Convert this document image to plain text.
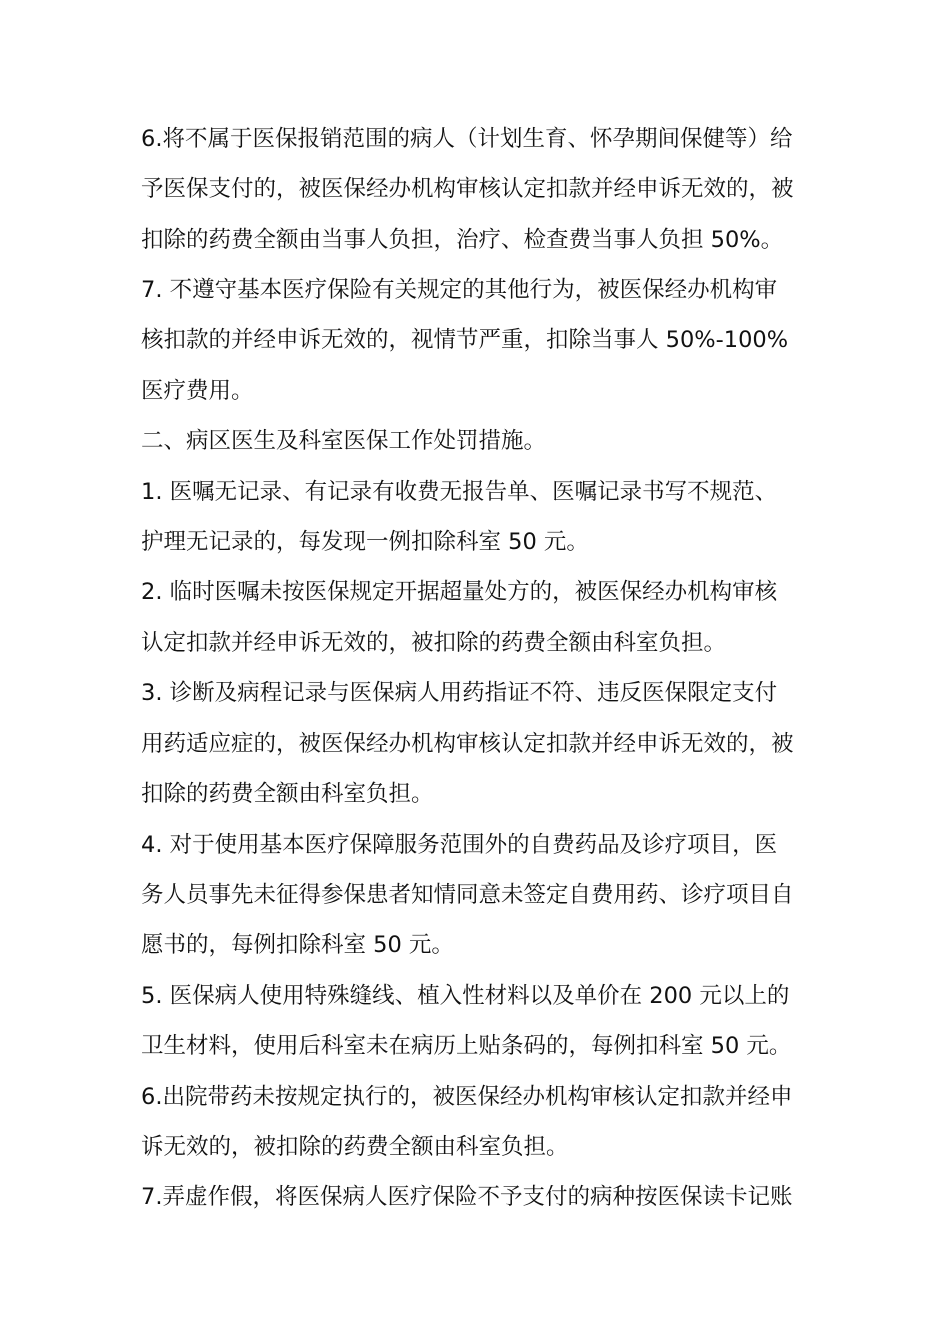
6.将不属于医保报销范围的病人（计划生育、怀孕期间保健等）给
予医保支付的，被医保经办机构审核认定扣款并经申诉无效的，被
扣除的药费全额由当事人负担，治疗、检查费当事人负担 50%。
7. 不遵守基本医疗保险有关规定的其他行为，被医保经办机构审
核扣款的并经申诉无效的，视情节严重，扣除当事人 50%-100%
医疗费用。
二、病区医生及科室医保工作处罚措施。
1. 医嘱无记录、有记录有收费无报告单、医嘱记录书写不规范、
护理无记录的，每发现一例扣除科室 50 元。
2. 临时医嘱未按医保规定开据超量处方的，被医保经办机构审核
认定扣款并经申诉无效的，被扣除的药费全额由科室负担。
3. 诊断及病程记录与医保病人用药指证不符、违反医保限定支付
用药适应症的，被医保经办机构审核认定扣款并经申诉无效的，被
扣除的药费全额由科室负担。
4. 对于使用基本医疗保障服务范围外的自费药品及诊疗项目，医
务人员事先未征得参保患者知情同意未签定自费用药、诊疗项目自
愿书的，每例扣除科室 50 元。
5. 医保病人使用特殊缝线、植入性材料以及单价在 200 元以上的
卫生材料，使用后科室未在病历上贴条码的，每例扣科室 50 元。
6.出院带药未按规定执行的，被医保经办机构审核认定扣款并经申
诉无效的，被扣除的药费全额由科室负担。
7.弄虚作假，将医保病人医疗保险不予支付的病种按医保读卡记账
